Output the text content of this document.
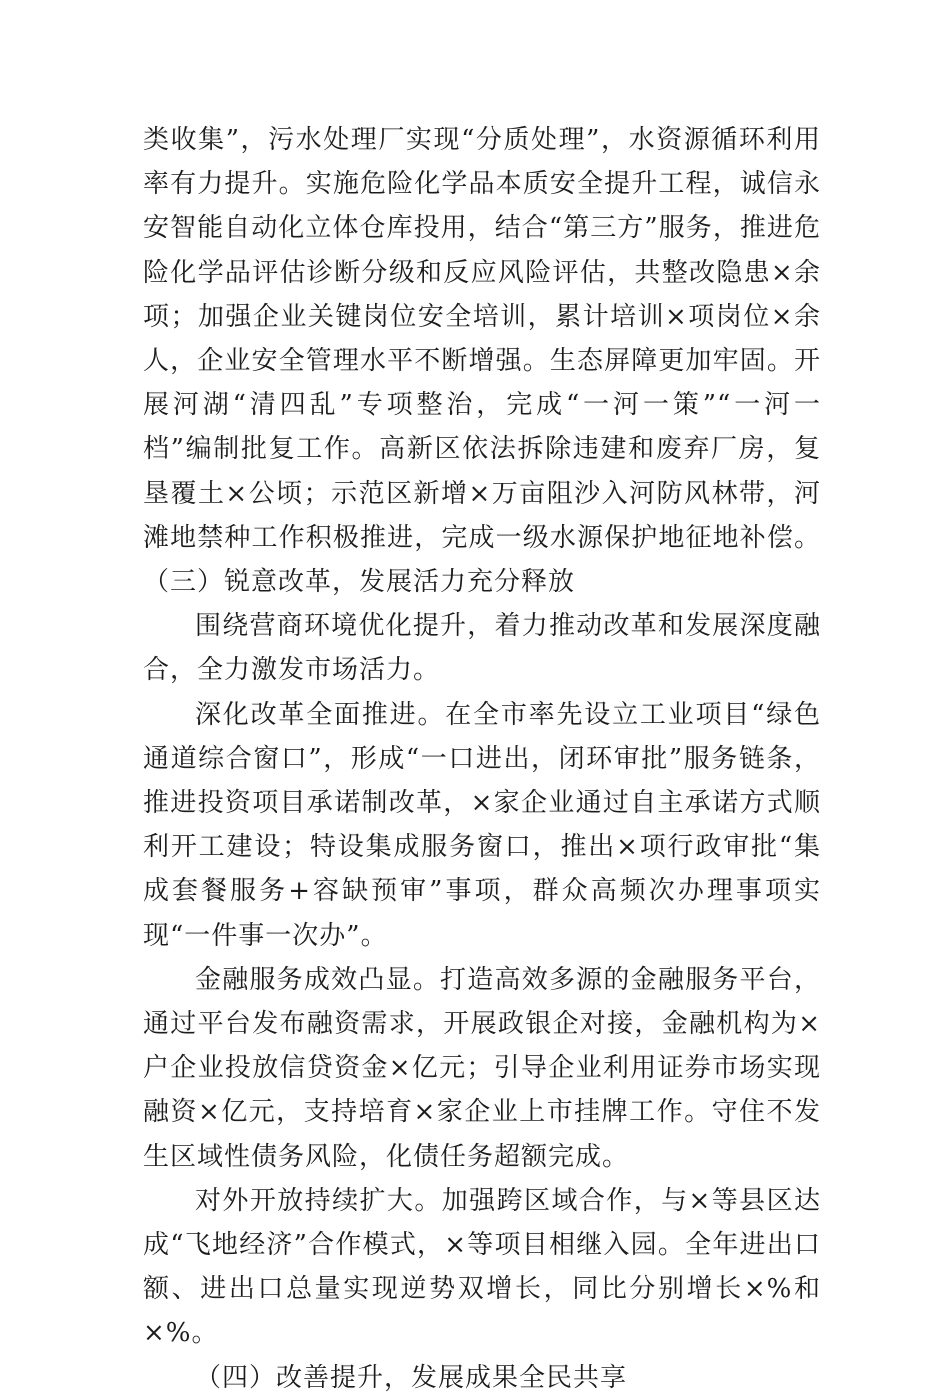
类收集”，污水处理厂实现“分质处理”，水资源循环利用率有力提升。实施危险化学品本质安全提升工程，诚信永安智能自动化立体仓库投用，结合“第三方”服务，推进危险化学品评估诊断分级和反应风险评估，共整改隐患×余项；加强企业关键岗位安全培训，累计培训×项岗位×余人，企业安全管理水平不断增强。生态屏障更加牢固。开展河湖“清四乱”专项整治，完成“一河一策”“一河一档”编制批复工作。高新区依法拆除违建和废弃厂房，复垦覆土×公顷；示范区新增×万亩阻沙入河防风林带，河滩地禁种工作积极推进，完成一级水源保护地征地补偿。（三）锐意改革，发展活力充分释放

围绕营商环境优化提升，着力推动改革和发展深度融合，全力激发市场活力。

深化改革全面推进。在全市率先设立工业项目“绿色通道综合窗口”，形成“一口进出，闭环审批”服务链条，推进投资项目承诺制改革，×家企业通过自主承诺方式顺利开工建设；特设集成服务窗口，推出×项行政审批“集成套餐服务+容缺预审”事项，群众高频次办理事项实现“一件事一次办”。

金融服务成效凸显。打造高效多源的金融服务平台，通过平台发布融资需求，开展政银企对接，金融机构为×户企业投放信贷资金×亿元；引导企业利用证券市场实现融资×亿元，支持培育×家企业上市挂牌工作。守住不发生区域性债务风险，化债任务超额完成。

对外开放持续扩大。加强跨区域合作，与×等县区达成“飞地经济”合作模式，×等项目相继入园。全年进出口额、进出口总量实现逆势双增长，同比分别增长×%和×%。

（四）改善提升，发展成果全民共享
